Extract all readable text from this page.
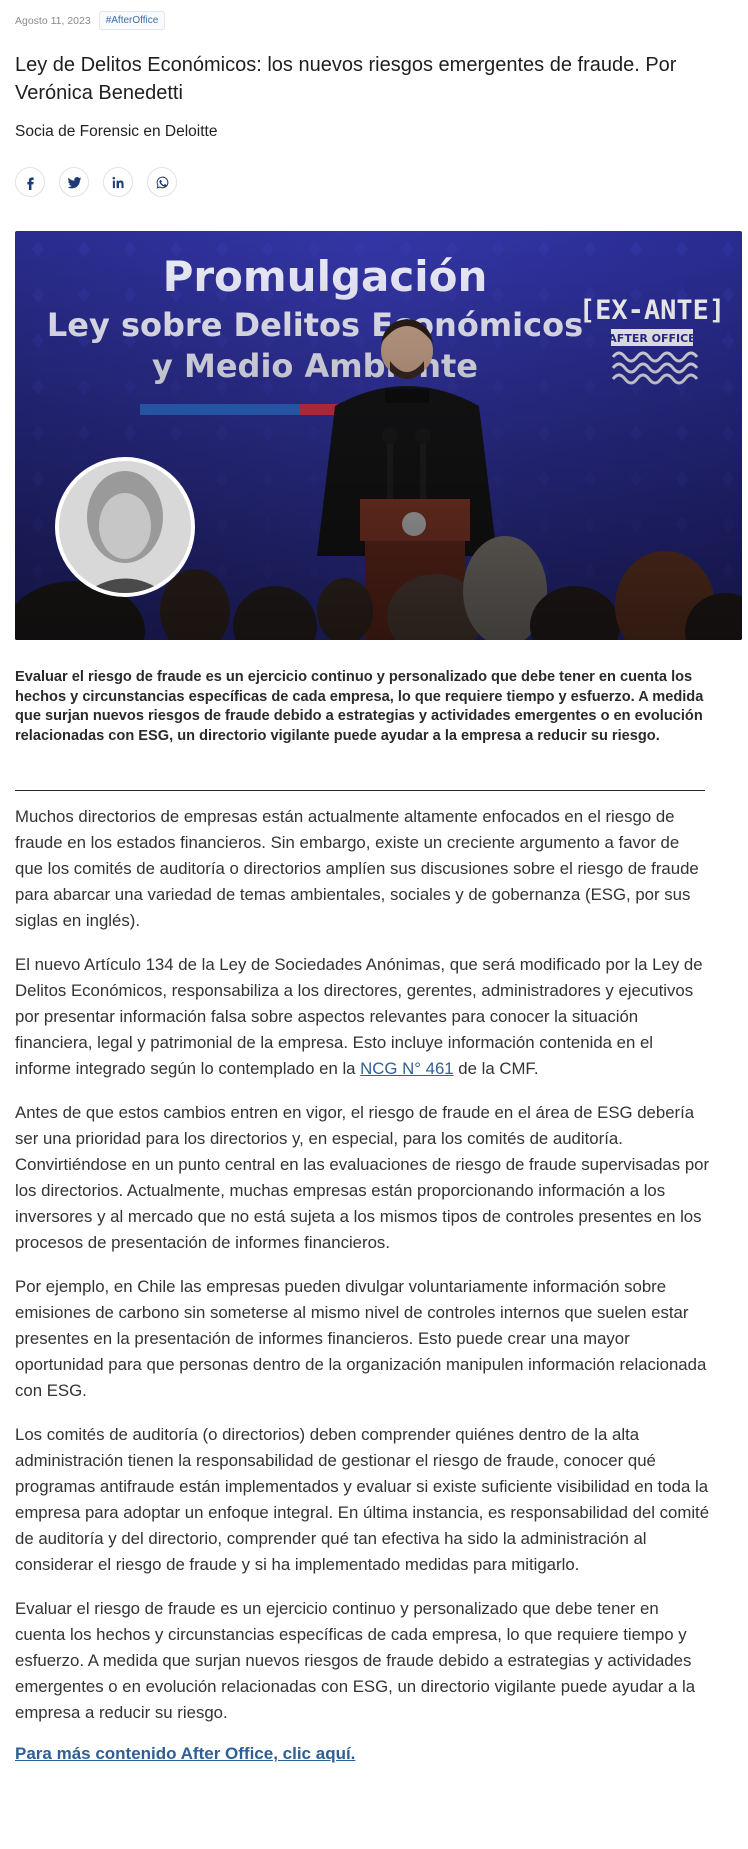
Agosto 11, 2023	#AfterOffice
Ley de Delitos Económicos: los nuevos riesgos emergentes de fraude. Por Verónica Benedetti
Socia de Forensic en Deloitte

Evaluar el riesgo de fraude es un ejercicio continuo y personalizado que debe tener en cuenta los hechos y circunstancias específicas de cada empresa, lo que requiere tiempo y esfuerzo. A medida que surjan nuevos riesgos de fraude debido a estrategias y actividades emergentes o en evolución relacionadas con ESG, un directorio vigilante puede ayudar a la empresa a reducir su riesgo.

Muchos directorios de empresas están actualmente altamente enfocados en el riesgo de fraude en los estados financieros. Sin embargo, existe un creciente argumento a favor de que los comités de auditoría o directorios amplíen sus discusiones sobre el riesgo de fraude para abarcar una variedad de temas ambientales, sociales y de gobernanza (ESG, por sus siglas en inglés).

El nuevo Artículo 134 de la Ley de Sociedades Anónimas, que será modificado por la Ley de Delitos Económicos, responsabiliza a los directores, gerentes, administradores y ejecutivos por presentar información falsa sobre aspectos relevantes para conocer la situación financiera, legal y patrimonial de la empresa. Esto incluye información contenida en el informe integrado según lo contemplado en la NCG N° 461 de la CMF.

Antes de que estos cambios entren en vigor, el riesgo de fraude en el área de ESG debería ser una prioridad para los directorios y, en especial, para los comités de auditoría. Convirtiéndose en un punto central en las evaluaciones de riesgo de fraude supervisadas por los directorios. Actualmente, muchas empresas están proporcionando información a los inversores y al mercado que no está sujeta a los mismos tipos de controles presentes en los procesos de presentación de informes financieros.

Por ejemplo, en Chile las empresas pueden divulgar voluntariamente información sobre emisiones de carbono sin someterse al mismo nivel de controles internos que suelen estar presentes en la presentación de informes financieros. Esto puede crear una mayor oportunidad para que personas dentro de la organización manipulen información relacionada con ESG.

Los comités de auditoría (o directorios) deben comprender quiénes dentro de la alta administración tienen la responsabilidad de gestionar el riesgo de fraude, conocer qué programas antifraude están implementados y evaluar si existe suficiente visibilidad en toda la empresa para adoptar un enfoque integral. En última instancia, es responsabilidad del comité de auditoría y del directorio, comprender qué tan efectiva ha sido la administración al considerar el riesgo de fraude y si ha implementado medidas para mitigarlo.

Evaluar el riesgo de fraude es un ejercicio continuo y personalizado que debe tener en cuenta los hechos y circunstancias específicas de cada empresa, lo que requiere tiempo y esfuerzo. A medida que surjan nuevos riesgos de fraude debido a estrategias y actividades emergentes o en evolución relacionadas con ESG, un directorio vigilante puede ayudar a la empresa a reducir su riesgo.

Para más contenido After Office, clic aquí.
